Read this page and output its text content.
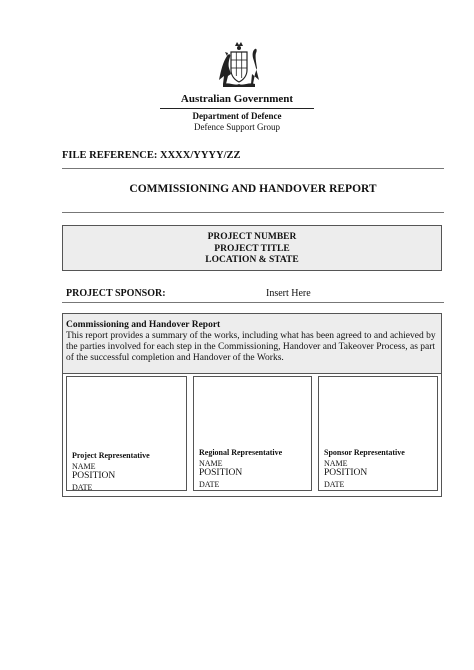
Australian Government
Department of Defence
Defence Support Group
FILE REFERENCE: XXXX/YYYY/ZZ
COMMISSIONING AND HANDOVER REPORT
PROJECT NUMBER
PROJECT TITLE
LOCATION & STATE
PROJECT SPONSOR:	Insert Here
Commissioning and Handover Report
This report provides a summary of the works, including what has been agreed to and achieved by the parties involved for each step in the Commissioning, Handover and Takeover Process, as part of the successful completion and Handover of the Works.
Project Representative
NAME
POSITION
DATE
Regional Representative
NAME
POSITION
DATE
Sponsor Representative
NAME
POSITION
DATE
